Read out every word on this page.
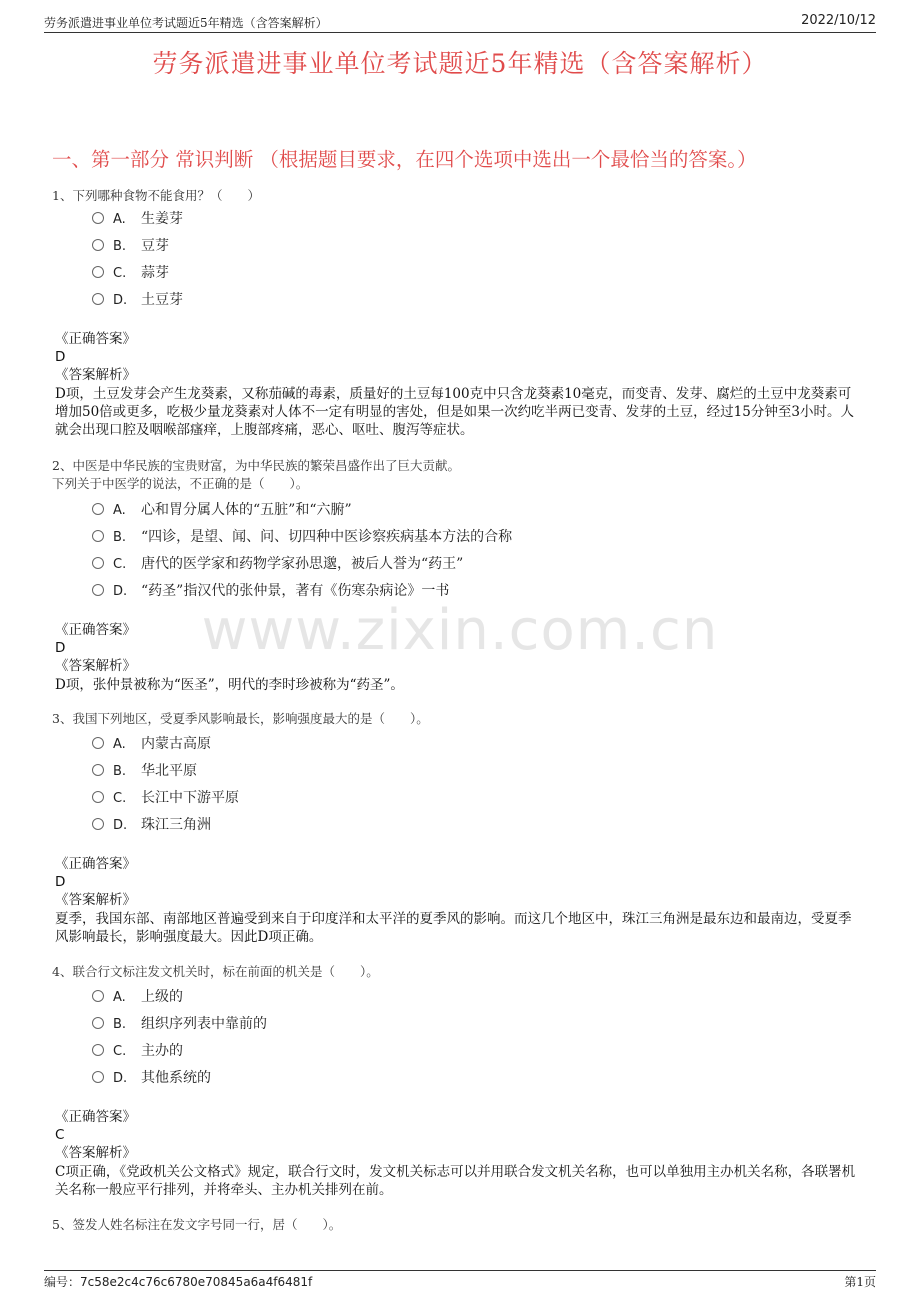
劳务派遣进事业单位考试题近5年精选（含答案解析）	2022/10/12
劳务派遣进事业单位考试题近5年精选（含答案解析）
一、第一部分 常识判断 （根据题目要求，在四个选项中选出一个最恰当的答案。）
www.zixin.com.cn
1、下列哪种食物不能食用？（　　）
A. 生姜芽
B. 豆芽
C. 蒜芽
D. 土豆芽
《正确答案》
D
《答案解析》
D项，土豆发芽会产生龙葵素，又称茄碱的毒素，质量好的土豆每100克中只含龙葵素10毫克，而变青、发芽、腐烂的土豆中龙葵素可增加50倍或更多，吃极少量龙葵素对人体不一定有明显的害处，但是如果一次约吃半两已变青、发芽的土豆，经过15分钟至3小时。人就会出现口腔及咽喉部瘙痒，上腹部疼痛，恶心、呕吐、腹泻等症状。
2、中医是中华民族的宝贵财富，为中华民族的繁荣昌盛作出了巨大贡献。
下列关于中医学的说法，不正确的是（　　）。
A. 心和胃分属人体的“五脏”和“六腑”
B. “四诊，是望、闻、问、切四种中医诊察疾病基本方法的合称
C. 唐代的医学家和药物学家孙思邈，被后人誉为“药王”
D. “药圣”指汉代的张仲景，著有《伤寒杂病论》一书
《正确答案》
D
《答案解析》
D项，张仲景被称为“医圣”，明代的李时珍被称为“药圣”。
3、我国下列地区，受夏季风影响最长，影响强度最大的是（　　）。
A. 内蒙古高原
B. 华北平原
C. 长江中下游平原
D. 珠江三角洲
《正确答案》
D
《答案解析》
夏季，我国东部、南部地区普遍受到来自于印度洋和太平洋的夏季风的影响。而这几个地区中，珠江三角洲是最东边和最南边，受夏季风影响最长，影响强度最大。因此D项正确。
4、联合行文标注发文机关时，标在前面的机关是（　　）。
A. 上级的
B. 组织序列表中靠前的
C. 主办的
D. 其他系统的
《正确答案》
C
《答案解析》
C项正确，《党政机关公文格式》规定，联合行文时，发文机关标志可以并用联合发文机关名称，也可以单独用主办机关名称，各联署机关名称一般应平行排列，并将牵头、主办机关排列在前。
5、签发人姓名标注在发文字号同一行，居（　　）。
编号：7c58e2c4c76c6780e70845a6a4f6481f	第1页
